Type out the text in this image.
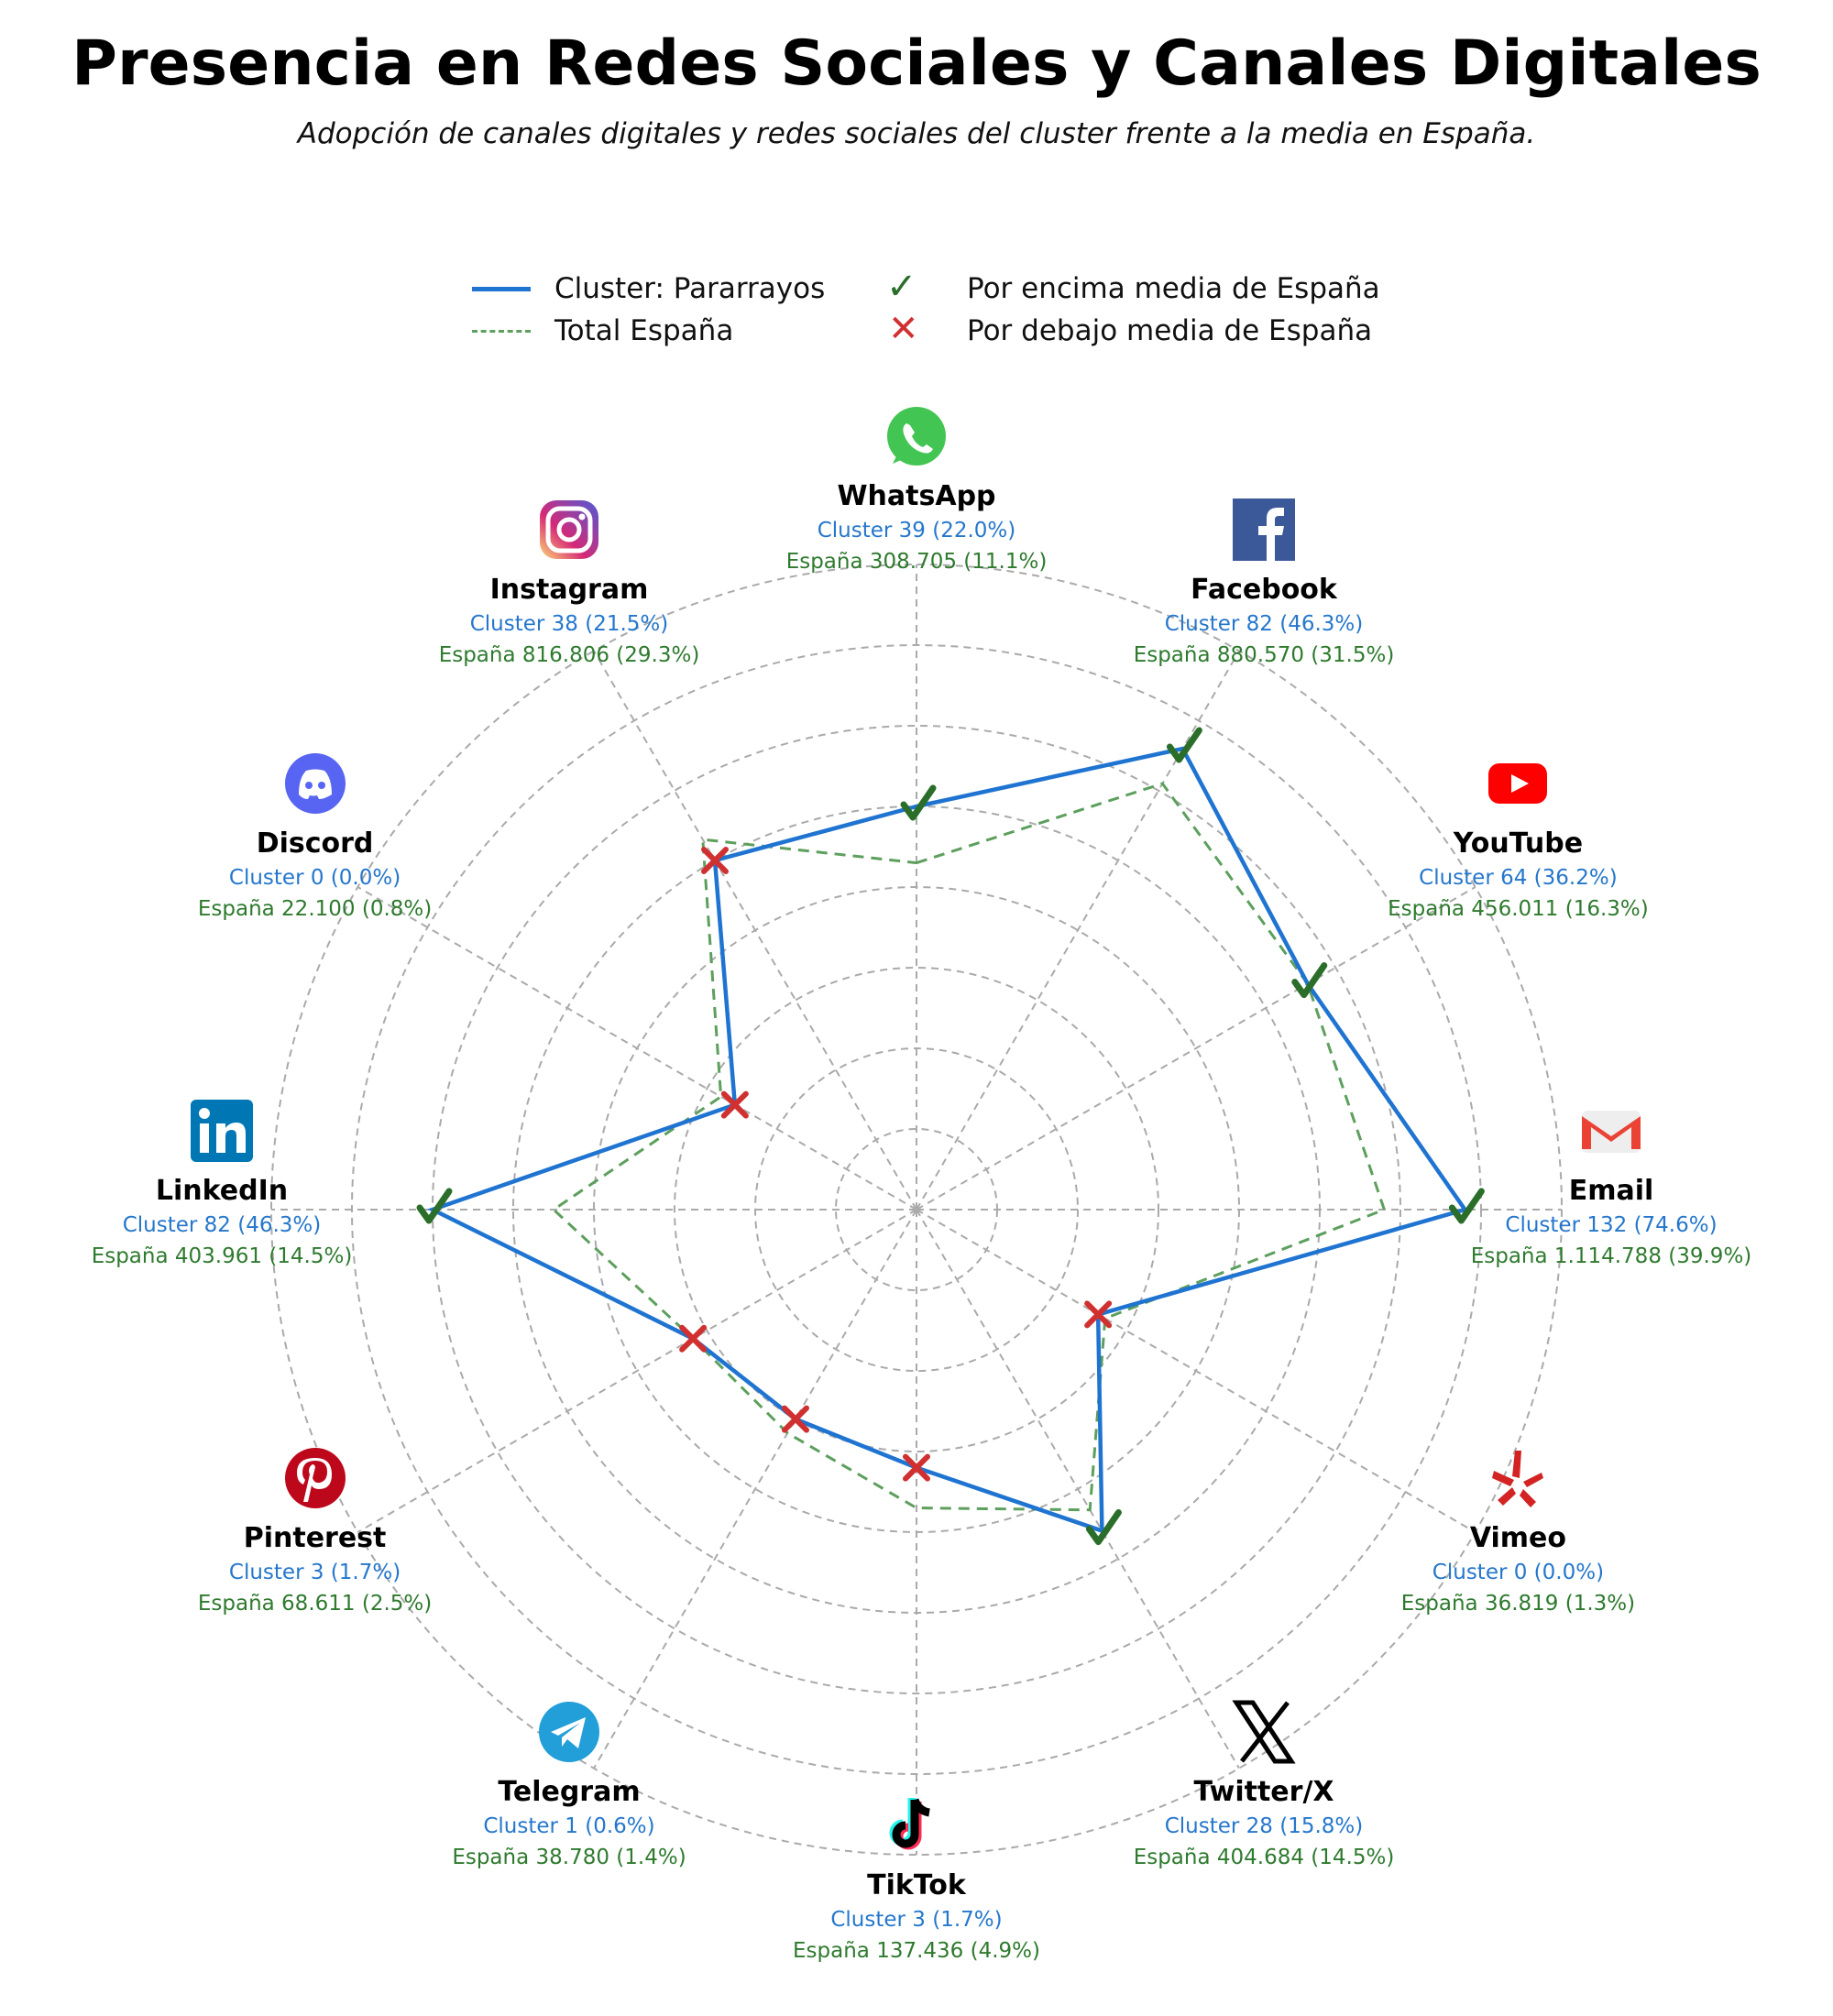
Presencia en Redes Sociales y Canales Digitales
Adopción de canales digitales y redes sociales del cluster frente a la media en España.
Cluster: Pararrayos
Total España
✓ Por encima media de España
✕ Por debajo media de España
WhatsApp
Cluster 39 (22.0%)
España 308.705 (11.1%)
Facebook
Cluster 82 (46.3%)
España 880.570 (31.5%)
YouTube
Cluster 64 (36.2%)
España 456.011 (16.3%)
Email
Cluster 132 (74.6%)
España 1.114.788 (39.9%)
Vimeo
Cluster 0 (0.0%)
España 36.819 (1.3%)
Twitter/X
Cluster 28 (15.8%)
España 404.684 (14.5%)
TikTok
Cluster 3 (1.7%)
España 137.436 (4.9%)
Telegram
Cluster 1 (0.6%)
España 38.780 (1.4%)
Pinterest
Cluster 3 (1.7%)
España 68.611 (2.5%)
LinkedIn
Cluster 82 (46.3%)
España 403.961 (14.5%)
Discord
Cluster 0 (0.0%)
España 22.100 (0.8%)
Instagram
Cluster 38 (21.5%)
España 816.806 (29.3%)
